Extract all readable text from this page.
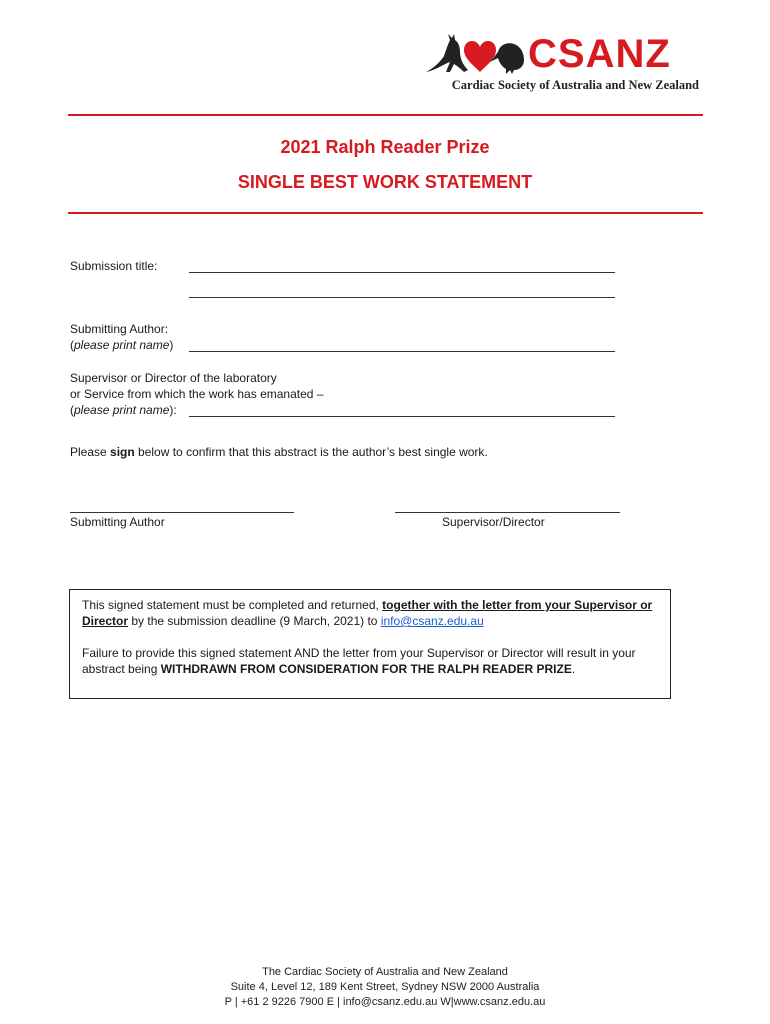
CSANZ
Cardiac Society of Australia and New Zealand
2021 Ralph Reader Prize
SINGLE BEST WORK STATEMENT
Submission title:
Submitting Author:
(please print name)
Supervisor or Director of the laboratory
or Service from which the work has emanated –
(please print name):
Please sign below to confirm that this abstract is the author’s best single work.
Submitting Author	Supervisor/Director

This signed statement must be completed and returned, together with the letter from your Supervisor or Director by the submission deadline (9 March, 2021) to info@csanz.edu.au

Failure to provide this signed statement AND the letter from your Supervisor or Director will result in your abstract being WITHDRAWN FROM CONSIDERATION FOR THE RALPH READER PRIZE.

The Cardiac Society of Australia and New Zealand
Suite 4, Level 12, 189 Kent Street, Sydney NSW 2000 Australia
P | +61 2 9226 7900 E | info@csanz.edu.au W|www.csanz.edu.au
